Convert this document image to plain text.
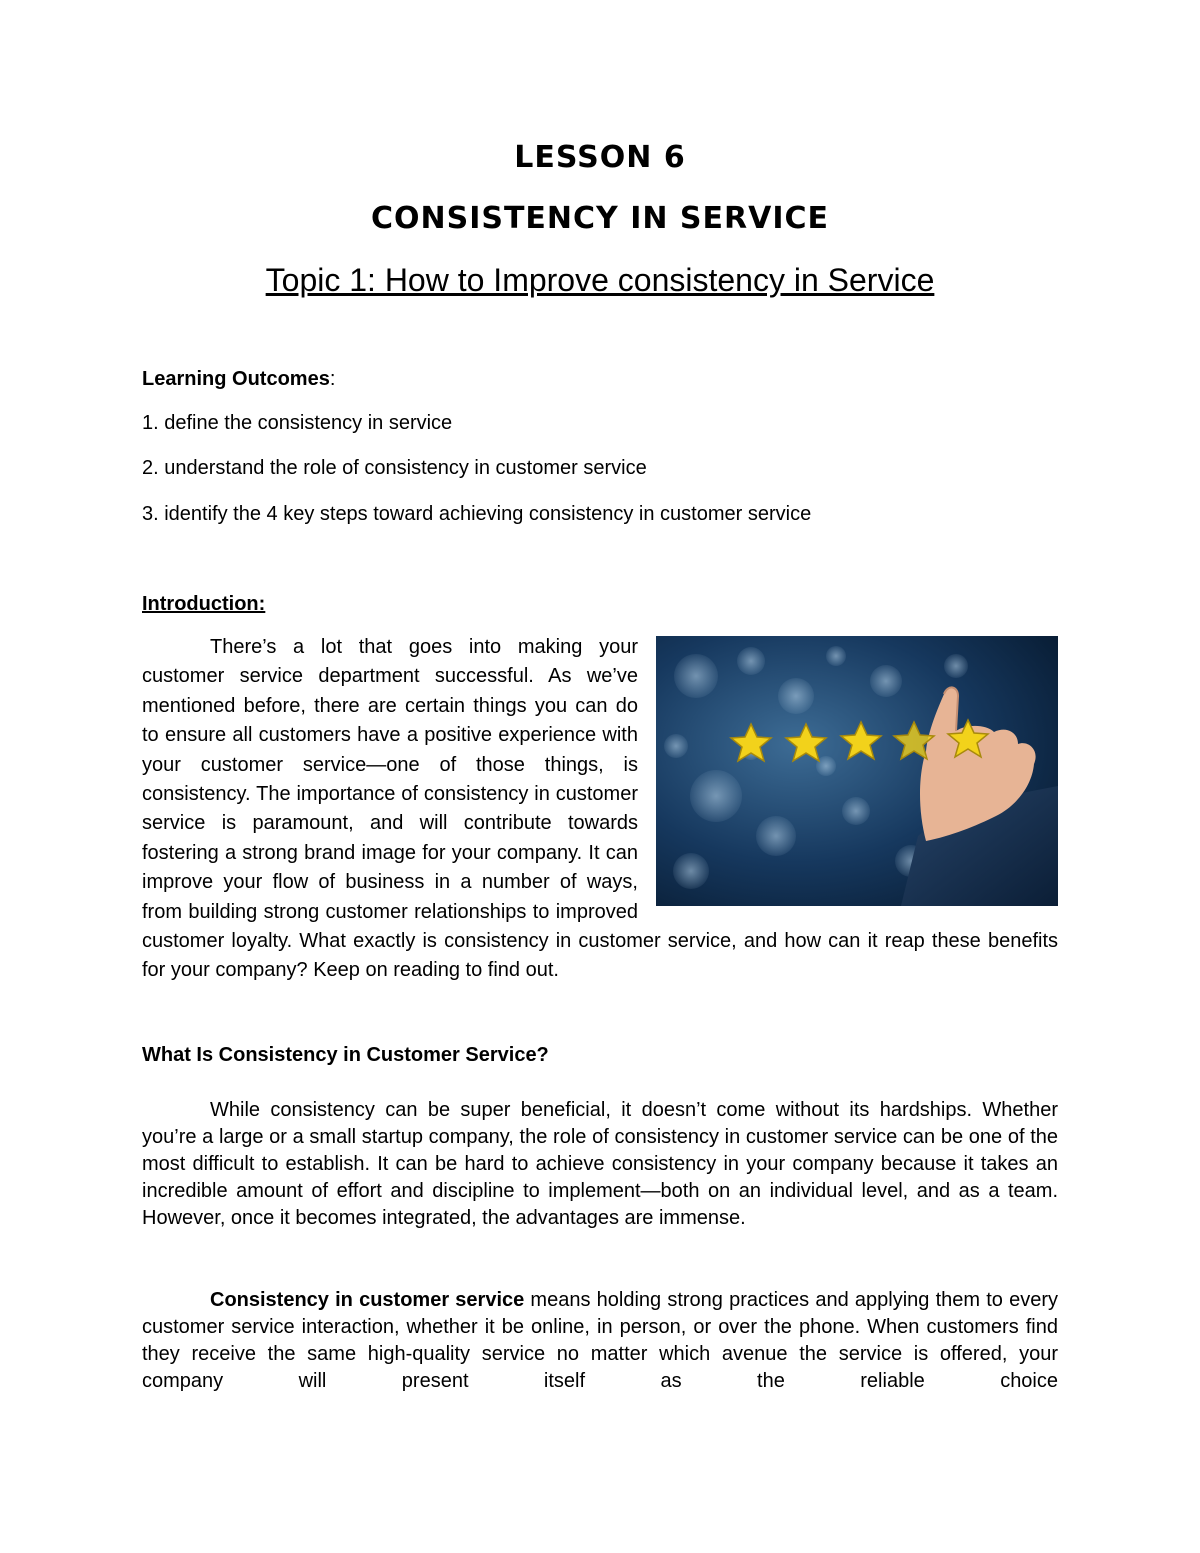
LESSON 6
CONSISTENCY IN SERVICE
Topic 1: How to Improve consistency in Service
Learning Outcomes:
1. define the consistency in service
2. understand the role of consistency in customer service
3. identify the 4 key steps toward achieving consistency in customer service
Introduction:
There’s a lot that goes into making your customer service department successful. As we’ve mentioned before, there are certain things you can do to ensure all customers have a positive experience with your customer service—one of those things, is consistency. The importance of consistency in customer service is paramount, and will contribute towards fostering a strong brand image for your company. It can improve your flow of business in a number of ways, from building strong customer relationships to improved customer loyalty. What exactly is consistency in customer service, and how can it reap these benefits for your company? Keep on reading to find out.
What Is Consistency in Customer Service?
While consistency can be super beneficial, it doesn’t come without its hardships. Whether you’re a large or a small startup company, the role of consistency in customer service can be one of the most difficult to establish. It can be hard to achieve consistency in your company because it takes an incredible amount of effort and discipline to implement—both on an individual level, and as a team. However, once it becomes integrated, the advantages are immense.
Consistency in customer service means holding strong practices and applying them to every customer service interaction, whether it be online, in person, or over the phone. When customers find they receive the same high-quality service no matter which avenue the service is offered, your company will present itself as the reliable choice
